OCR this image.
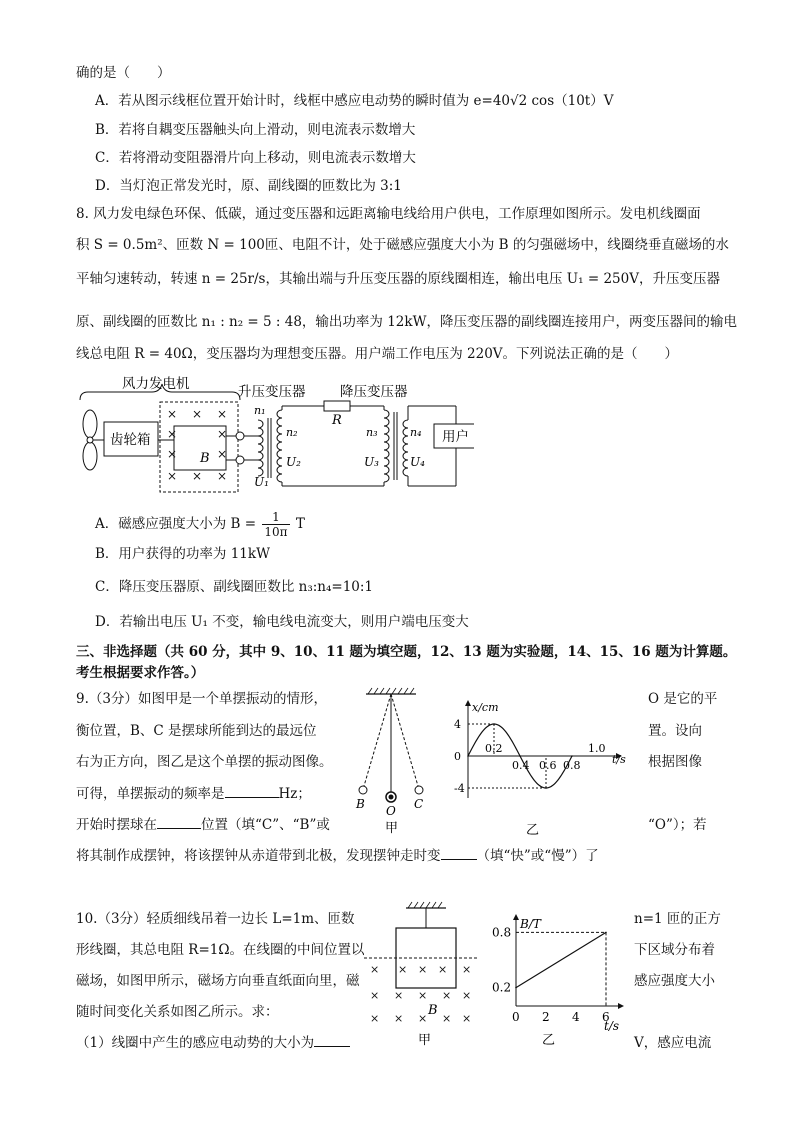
确的是（　　）
A．若从图示线框位置开始计时，线框中感应电动势的瞬时值为 e=40√2 cos（10t）V
B．若将自耦变压器触头向上滑动，则电流表示数增大
C．若将滑动变阻器滑片向上移动，则电流表示数增大
D．当灯泡正常发光时，原、副线圈的匝数比为 3:1
8. 风力发电绿色环保、低碳，通过变压器和远距离输电线给用户供电，工作原理如图所示。发电机线圈面
积 S = 0.5m²、匝数 N = 100匝、电阻不计，处于磁感应强度大小为 B 的匀强磁场中，线圈绕垂直磁场的水
平轴匀速转动，转速 n = 25r/s，其输出端与升压变压器的原线圈相连，输出电压 U₁ = 250V，升压变压器
原、副线圈的匝数比 n₁ : n₂ = 5 : 48，输出功率为 12kW，降压变压器的副线圈连接用户，两变压器间的输电
线总电阻 R = 40Ω，变压器均为理想变压器。用户端工作电压为 220V。下列说法正确的是（　　）
风力发电机
齿轮箱
× × ×
×	×
×	×
× × ×
B
U₁
升压变压器
n₁
n₂
U₂
R
降压变压器
n₃
U₃
n₄
U₄
用户
A．磁感应强度大小为 $B = \frac{1}{10\pi}$ T
B．用户获得的功率为 11kW
C．降压变压器原、副线圈匝数比 n₃:n₄=10:1
D．若输出电压 U₁ 不变，输电线电流变大，则用户端电压变大
三、非选择题（共 60 分，其中 9、10、11 题为填空题，12、13 题为实验题，14、15、16 题为计算题。
考生根据要求作答。）
9.（3分）如图甲是一个单摆振动的情形，
衡位置，B、C 是摆球所能到达的最远位
右为正方向，图乙是这个单摆的振动图像。
可得，单摆振动的频率是	Hz；
开始时摆球在	位置（填“C”、“B”或
O 是它的平
置。设向
根据图像
“O”）；若
将其制作成摆钟，将该摆钟从赤道带到北极，发现摆钟走时变	（填“快”或“慢”）了
B O C
甲
x/cm
t/s
4
0
-4
0.2
0.4 0.6 0.8
1.0
乙
10.（3分）轻质细线吊着一边长 L=1m、匝数
形线圈，其总电阻 R=1Ω。在线圈的中间位置以
磁场，如图甲所示，磁场方向垂直纸面向里，磁
随时间变化关系如图乙所示。求：
（1）线圈中产生的感应电动势的大小为
n=1 匝的正方
下区域分布着
感应强度大小
V，感应电流
× × × × ×
× × × × ×
× × × × ×
B
甲
B/T
t/s
0.8
0.2
0 2 4 6
乙
